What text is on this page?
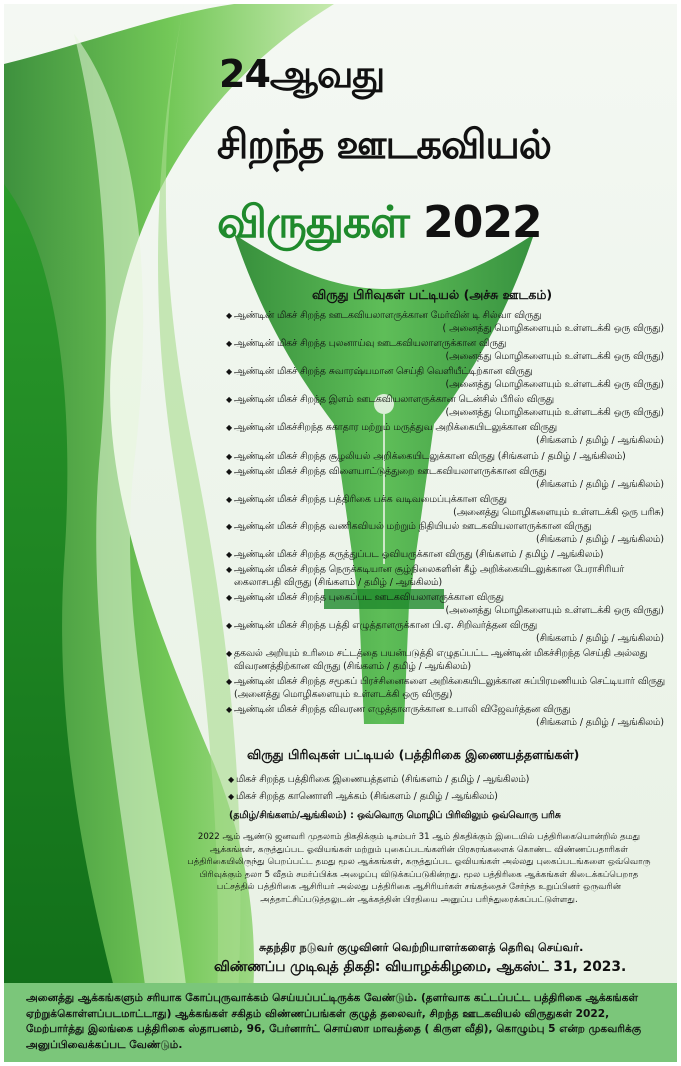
24ஆவது
சிறந்த ஊடகவியல்
விருதுகள் 2022
விருது பிரிவுகள் பட்டியல் (அச்சு ஊடகம்)
◆ ஆண்டின் மிகச் சிறந்த ஊடகவியலாளருக்கான மேர்வின் டி சில்வா விருது
( அனைத்து மொழிகளையும் உள்ளடக்கி ஒரு விருது)
◆ ஆண்டின் மிகச் சிறந்த புலனாய்வு ஊடகவியலாளருக்கான விருது
(அனைத்து மொழிகளையும் உள்ளடக்கி ஒரு விருது)
◆ ஆண்டின் மிகச் சிறந்த சுவாரஷ்யமான செய்தி வெளியீட்டிற்கான விருது
(அனைத்து மொழிகளையும் உள்ளடக்கி ஒரு விருது)
◆ ஆண்டின் மிகச் சிறந்த இளம் ஊடகவியலாளருக்கான டென்சில் பீரிஸ் விருது
(அனைத்து மொழிகளையும் உள்ளடக்கி ஒரு விருது)
◆ ஆண்டின் மிகச்சிறந்த சுகாதார மற்றும் மருத்துவ அறிக்கையிடலுக்கான விருது
(சிங்களம் / தமிழ் / ஆங்கிலம்)
◆ ஆண்டின் மிகச் சிறந்த சூழலியல் அறிக்கையிடலுக்கான விருது (சிங்களம் / தமிழ் / ஆங்கிலம்)
◆ ஆண்டின் மிகச் சிறந்த விளையாட்டுத்துறை ஊடகவியலாளருக்கான விருது
(சிங்களம் / தமிழ் / ஆங்கிலம்)
◆ ஆண்டின் மிகச் சிறந்த பத்திரிகை பக்க வடிவமைப்புக்கான விருது
(அனைத்து மொழிகளையும் உள்ளடக்கி ஒரு பரிசு)
◆ ஆண்டின் மிகச் சிறந்த வணிகவியல் மற்றும் நிதியியல் ஊடகவியலாளருக்கான விருது
(சிங்களம் / தமிழ் / ஆங்கிலம்)
◆ ஆண்டின் மிகச் சிறந்த கருத்துப்பட ஓவியருக்கான விருது (சிங்களம் / தமிழ் / ஆங்கிலம்)
◆ ஆண்டின் மிகச் சிறந்த நெருக்கடியான சூழ்நிலைகளின் கீழ் அறிக்கையிடலுக்கான பேராசிரியர் கைலாசபதி விருது (சிங்களம் / தமிழ் / ஆங்கிலம்)
◆ ஆண்டின் மிகச் சிறந்த புகைப்பட ஊடகவியலாளருக்கான விருது
(அனைத்து மொழிகளையும் உள்ளடக்கி ஒரு விருது)
◆ ஆண்டின் மிகச் சிறந்த பத்தி எழுத்தாளருக்கான பி.ஏ. சிறிவர்த்தன விருது
(சிங்களம் / தமிழ் / ஆங்கிலம்)
◆ தகவல் அறியும் உரிமை சட்டத்தை பயன்படுத்தி எழுதப்பட்ட ஆண்டின் மிகச்சிறந்த செய்தி அல்லது விவரணத்திற்கான விருது (சிங்களம் / தமிழ் / ஆங்கிலம்)
◆ ஆண்டின் மிகச் சிறந்த சமூகப் பிரச்சினைகளை அறிக்கையிடலுக்கான சுப்பிரமணியம் செட்டியார் விருது (அனைத்து மொழிகளையும் உள்ளடக்கி ஒரு விருது)
◆ ஆண்டின் மிகச் சிறந்த விவரண எழுத்தாளருக்கான உபாலி விஜேவர்த்தன விருது
(சிங்களம் / தமிழ் / ஆங்கிலம்)
விருது பிரிவுகள் பட்டியல் (பத்திரிகை இணையத்தளங்கள்)
◆ மிகச் சிறந்த பத்திரிகை இணையத்தளம் (சிங்களம் / தமிழ் / ஆங்கிலம்)
◆ மிகச் சிறந்த காணொளி ஆக்கம் (சிங்களம் / தமிழ் / ஆங்கிலம்)
(தமிழ்/சிங்களம்/ஆங்கிலம்) : ஒவ்வொரு மொழிப் பிரிவிலும் ஒவ்வொரு பரிசு
2022 ஆம் ஆண்டு ஜனவரி முதலாம் திகதிக்கும் டிசம்பர் 31 ஆம் திகதிக்கும் இடையில் பத்திரிகையொன்றில் தமது ஆக்கங்கள், கருத்துப்பட ஓவியங்கள் மற்றும் புகைப்படங்களின் பிரசுரங்களைக் கொண்ட விண்ணப்பதாரிகள் பத்திரிகையிலிருந்து பெறப்பட்ட தமது மூல ஆக்கங்கள், கருத்துப்பட ஓவியங்கள் அல்லது புகைப்படங்களை ஒவ்வொரு பிரிவுக்கும் தலா 5 வீதம் சமர்ப்பிக்க அழைப்பு விடுக்கப்படுகின்றது. மூல பத்திரிகை ஆக்கங்கள் கிடைக்கப்பெறாத பட்சத்தில் பத்திரிகை ஆசிரியர் அல்லது பத்திரிகை ஆசிரியர்கள் சங்கத்தைச் சேர்ந்த உறுப்பினர் ஒருவரின் அத்தாட்சிப்படுத்தலுடன் ஆக்கத்தின் பிரதியை அனுப்ப பரிந்துரைக்கப்பட்டுள்ளது.
சுதந்திர நடுவர் குழுவினர் வெற்றியாளர்களைத் தெரிவு செய்வர்.
விண்ணப்ப முடிவுத் திகதி: வியாழக்கிழமை, ஆகஸ்ட் 31, 2023.
அனைத்து ஆக்கங்களும் சரியாக கோப்புருவாக்கம் செய்யப்பட்டிருக்க வேண்டும். (தளர்வாக கட்டப்பட்ட பத்திரிகை ஆக்கங்கள் ஏற்றுக்கொள்ளப்படமாட்டாது) ஆக்கங்கள் சகிதம் விண்ணப்பங்கள் குழுத் தலைவர், சிறந்த ஊடகவியல் விருதுகள் 2022, மேற்பார்த்து இலங்கை பத்திரிகை ஸ்தாபனம், 96, பேர்னார்ட் சொய்ஸா மாவத்தை ( கிருள வீதி), கொழும்பு 5 என்ற முகவரிக்கு அனுப்பிவைக்கப்பட வேண்டும்.
